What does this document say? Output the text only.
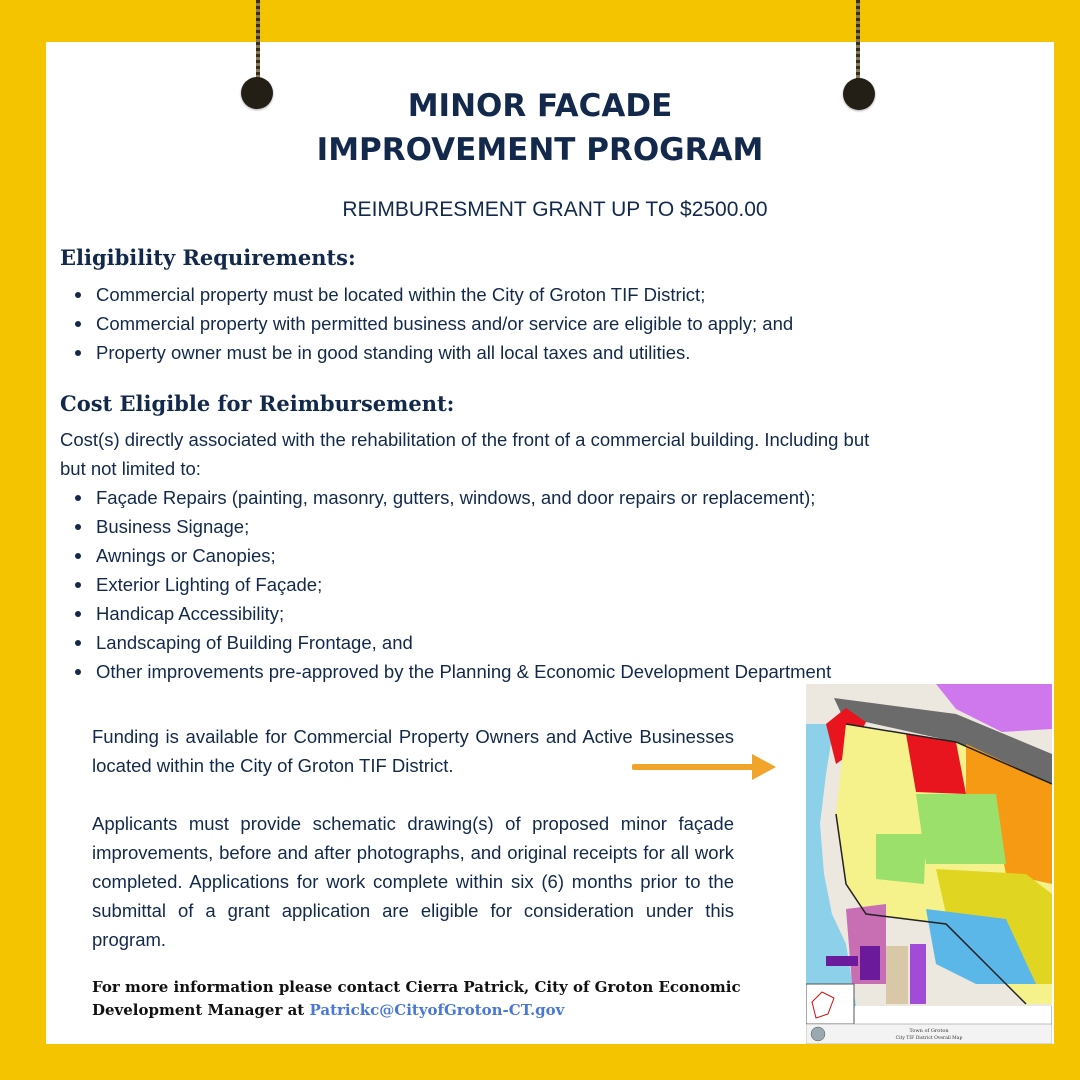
MINOR FACADE
IMPROVEMENT PROGRAM

REIMBURESMENT GRANT UP TO $2500.00

Eligibility Requirements:
Commercial property must be located within the City of Groton TIF District;
Commercial property with permitted business and/or service are eligible to apply; and
Property owner must be in good standing with all local taxes and utilities.
Cost Eligible for Reimbursement:

Cost(s) directly associated with the rehabilitation of the front of a commercial building. Including but

but not limited to:

Façade Repairs (painting, masonry, gutters, windows, and door repairs or replacement);
Business Signage;
Awnings or Canopies;
Exterior Lighting of Façade;
Handicap Accessibility;
Landscaping of Building Frontage, and
Other improvements pre-approved by the Planning & Economic Development Department

Funding is available for Commercial Property Owners and Active Businesses located within the City of Groton TIF District.

Applicants must provide schematic drawing(s) of proposed minor façade improvements, before and after photographs, and original receipts for all work completed. Applications for work complete within six (6) months prior to the submittal of a grant application are eligible for consideration under this program.

For more information please contact Cierra Patrick, City of Groton Economic Development Manager at Patrickc@CityofGroton-CT.gov

Town of Groton
City TIF District Overall Map
